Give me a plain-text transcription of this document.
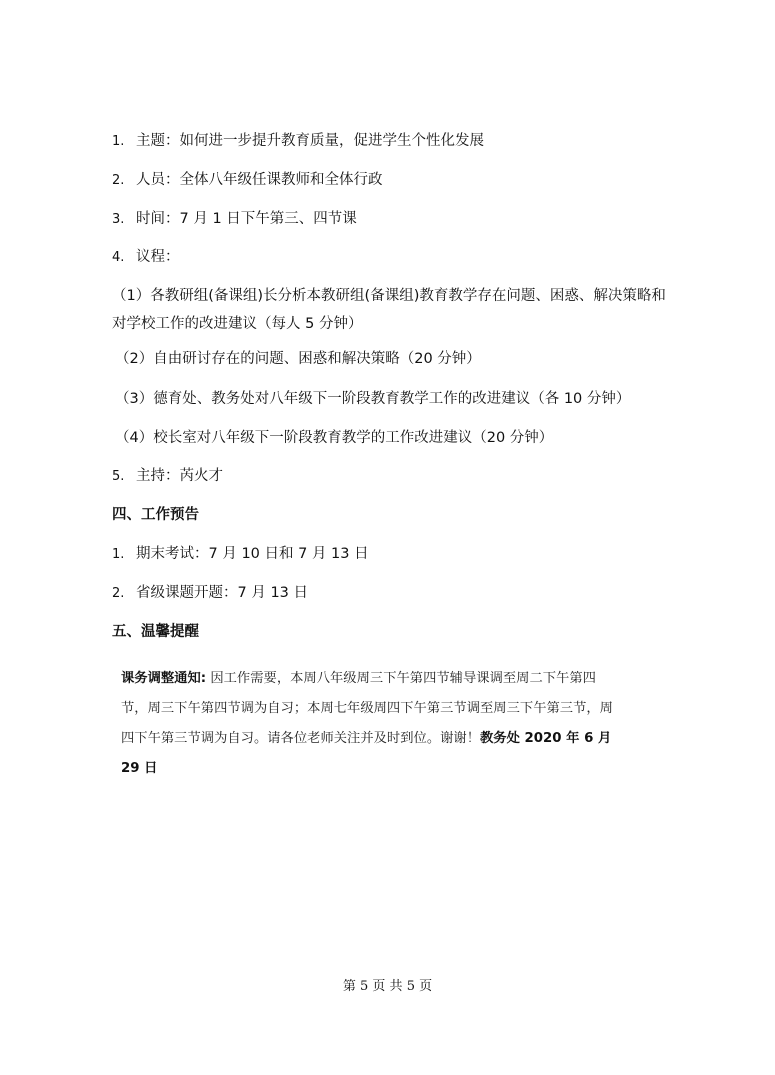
1. 主题：如何进一步提升教育质量，促进学生个性化发展
2. 人员：全体八年级任课教师和全体行政
3. 时间：7 月 1 日下午第三、四节课
4. 议程：
（1）各教研组(备课组)长分析本教研组(备课组)教育教学存在问题、困惑、解决策略和对学校工作的改进建议（每人 5 分钟）
（2）自由研讨存在的问题、困惑和解决策略（20 分钟）
（3）德育处、教务处对八年级下一阶段教育教学工作的改进建议（各 10 分钟）
（4）校长室对八年级下一阶段教育教学的工作改进建议（20 分钟）
5. 主持：芮火才
四、工作预告
1. 期末考试：7 月 10 日和 7 月 13 日
2. 省级课题开题：7 月 13 日
五、温馨提醒
课务调整通知: 因工作需要，本周八年级周三下午第四节辅导课调至周二下午第四节，周三下午第四节调为自习；本周七年级周四下午第三节调至周三下午第三节，周四下午第三节调为自习。请各位老师关注并及时到位。谢谢！教务处 2020 年 6 月 29 日
第 5 页 共 5 页
